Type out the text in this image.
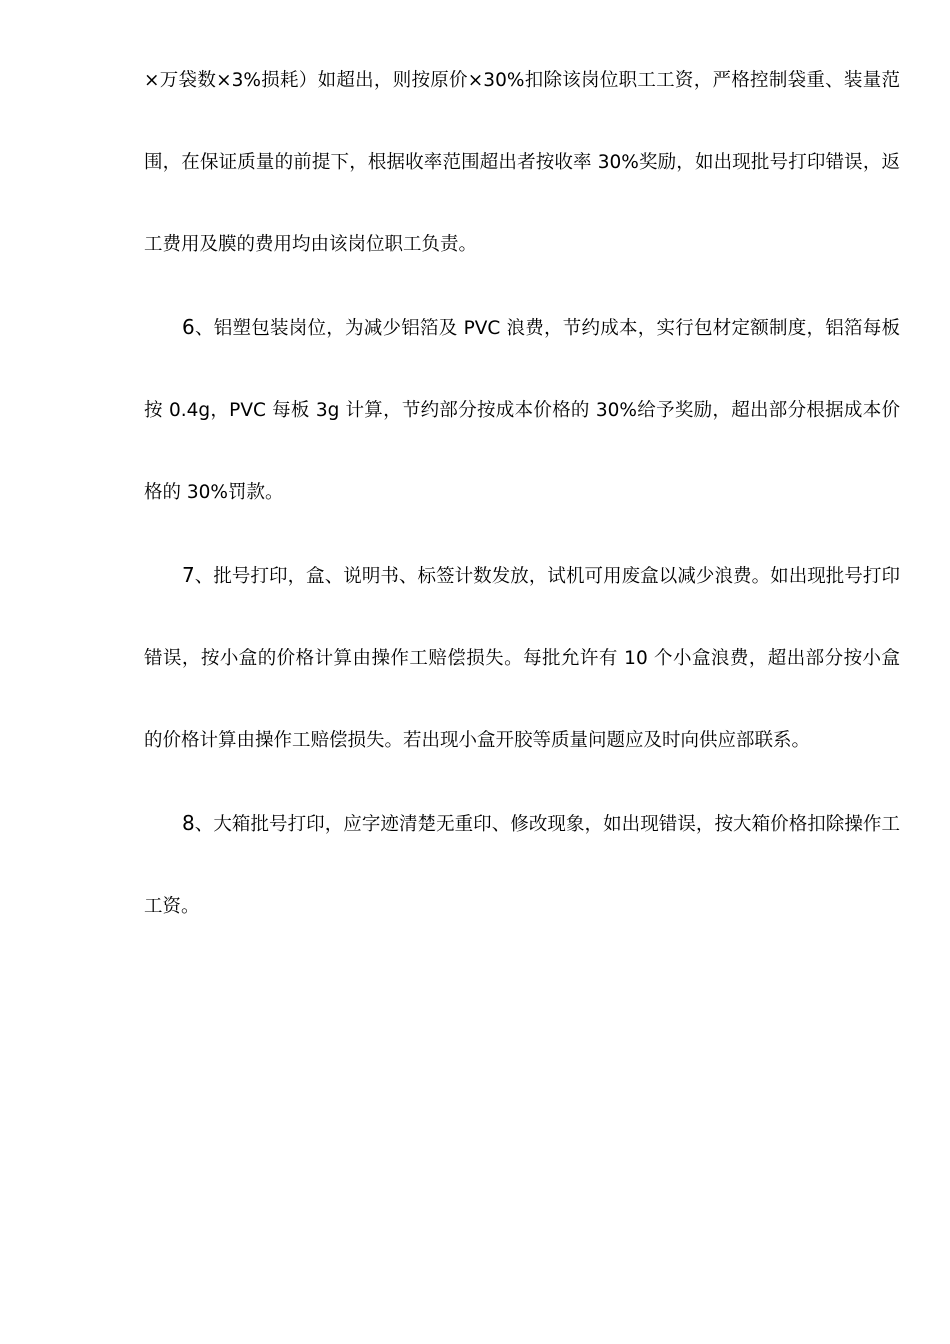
×万袋数×3%损耗）如超出，则按原价×30%扣除该岗位职工工资，严格控制袋重、装量范围，在保证质量的前提下，根据收率范围超出者按收率 30%奖励，如出现批号打印错误，返工费用及膜的费用均由该岗位职工负责。

6、铝塑包装岗位，为减少铝箔及 PVC 浪费，节约成本，实行包材定额制度，铝箔每板按 0.4g，PVC 每板 3g 计算，节约部分按成本价格的 30%给予奖励，超出部分根据成本价格的 30%罚款。

7、批号打印，盒、说明书、标签计数发放，试机可用废盒以减少浪费。如出现批号打印错误，按小盒的价格计算由操作工赔偿损失。每批允许有 10 个小盒浪费，超出部分按小盒的价格计算由操作工赔偿损失。若出现小盒开胶等质量问题应及时向供应部联系。

8、大箱批号打印，应字迹清楚无重印、修改现象，如出现错误，按大箱价格扣除操作工工资。
